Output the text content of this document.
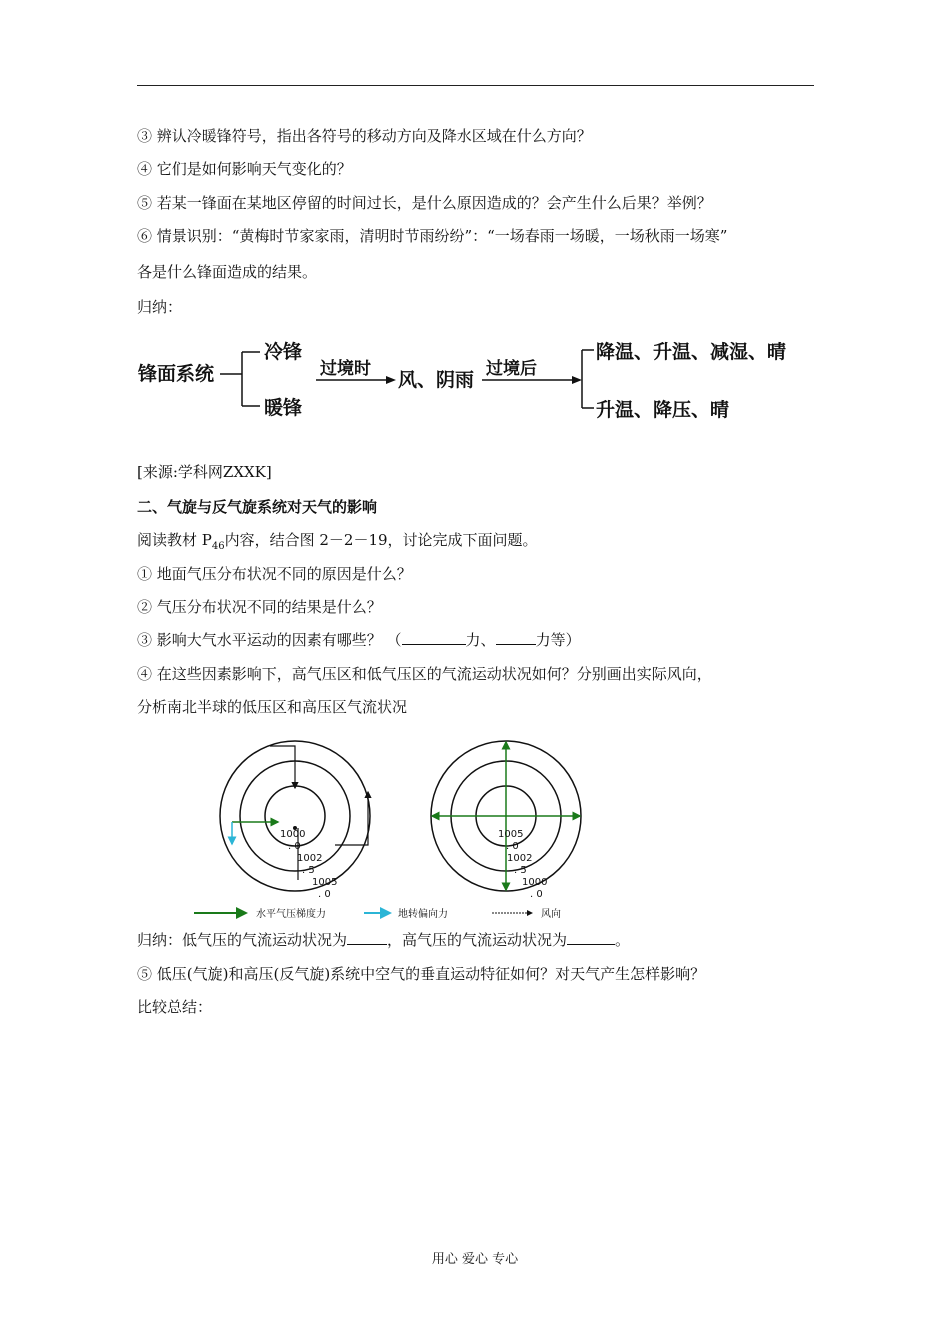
③ 辨认冷暖锋符号，指出各符号的移动方向及降水区域在什么方向？
④ 它们是如何影响天气变化的？
⑤ 若某一锋面在某地区停留的时间过长，是什么原因造成的？会产生什么后果？举例？
⑥ 情景识别：“黄梅时节家家雨，清明时节雨纷纷”：“一场春雨一场暖，一场秋雨一场寒”
各是什么锋面造成的结果。
归纳：
锋面系统
冷锋
暖锋
过境时 风、阴雨 过境后
降温、升温、减湿、晴
升温、降压、晴
[来源:学科网ZXXK]
二、气旋与反气旋系统对天气的影响
阅读教材 $P_{46}$内容，结合图 2－2－19，讨论完成下面问题。
① 地面气压分布状况不同的原因是什么？
② 气压分布状况不同的结果是什么？
③ 影响大气水平运动的因素有哪些？ （	力、	力等）
④ 在这些因素影响下，高气压区和低气压区的气流运动状况如何？分别画出实际风向，
分析南北半球的低压区和高压区气流状况
1000
. 0
1002
. 5
1005
. 0
1005
. 0
1002
. 5
1000
. 0
水平气压梯度力	地转偏向力	风向
归纳：低气压的气流运动状况为	，高气压的气流运动状况为	。
⑤ 低压(气旋)和高压(反气旋)系统中空气的垂直运动特征如何？对天气产生怎样影响？
比较总结：
用心 爱心 专心
